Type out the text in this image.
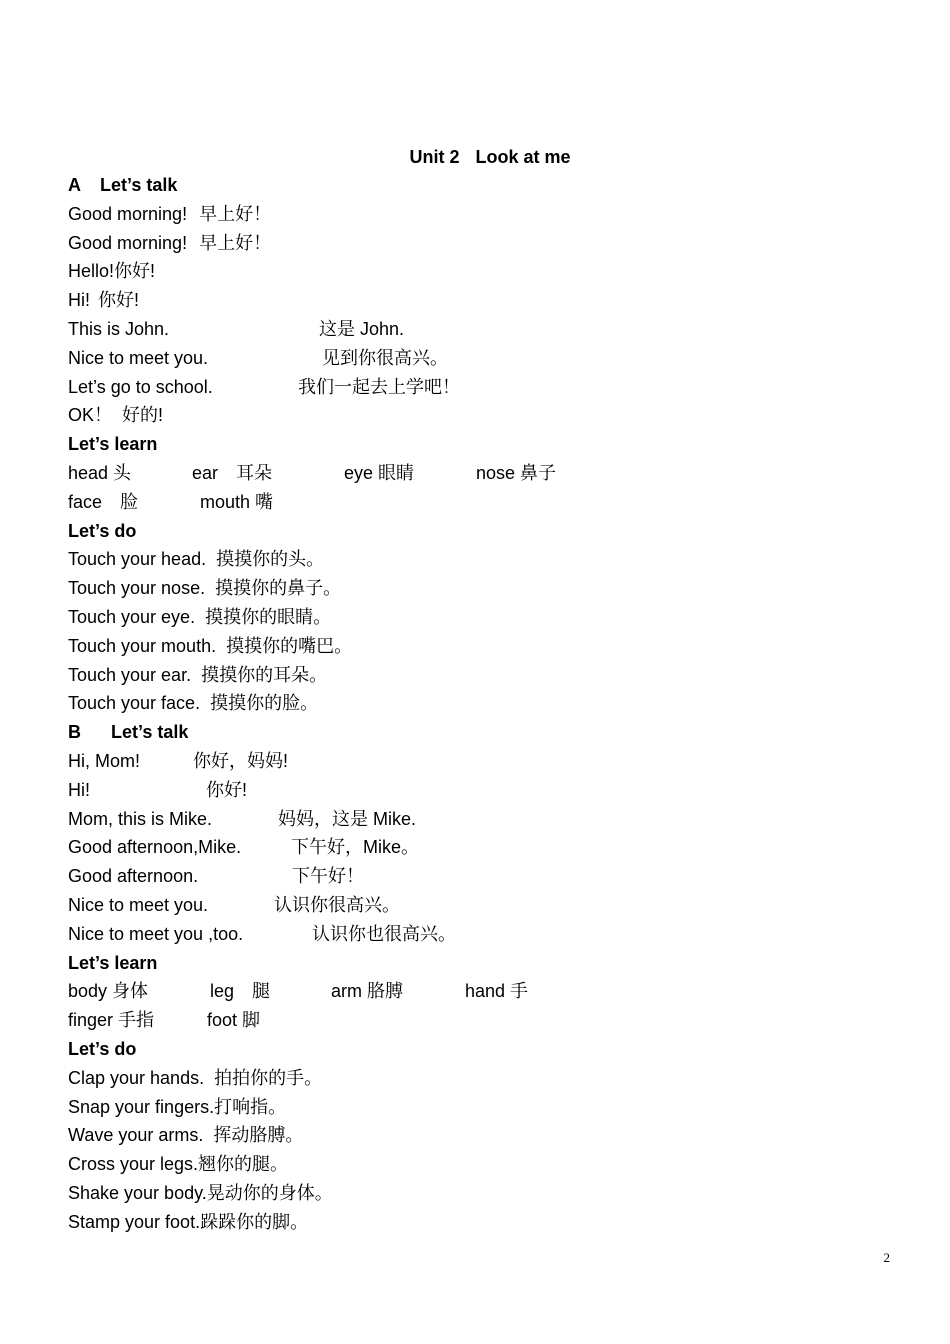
Unit 2 Look at me
A Let’s talk
Good morning! 早上好！
Good morning! 早上好！
Hello!你好!
Hi! 你好!
This is John.	这是 John.
Nice to meet you.	见到你很高兴。
Let’s go to school.	我们一起去上学吧！
OK！ 好的!
Let’s learn
head 头	ear　耳朵	eye 眼睛	nose 鼻子
face　脸	mouth 嘴
Let’s do
Touch your head. 摸摸你的头。
Touch your nose. 摸摸你的鼻子。
Touch your eye. 摸摸你的眼睛。
Touch your mouth. 摸摸你的嘴巴。
Touch your ear. 摸摸你的耳朵。
Touch your face. 摸摸你的脸。
B Let’s talk
Hi, Mom!	你好，妈妈!
Hi!	你好!
Mom, this is Mike.	妈妈，这是 Mike.
Good afternoon,Mike.	下午好，Mike。
Good afternoon.	下午好！
Nice to meet you.	认识你很高兴。
Nice to meet you ,too.	认识你也很高兴。
Let’s learn
body 身体	leg　腿	arm 胳膊	hand 手
finger 手指	foot 脚
Let’s do
Clap your hands. 拍拍你的手。
Snap your fingers.打响指。
Wave your arms. 挥动胳膊。
Cross your legs.翘你的腿。
Shake your body.晃动你的身体。
Stamp your foot.跺跺你的脚。
2
